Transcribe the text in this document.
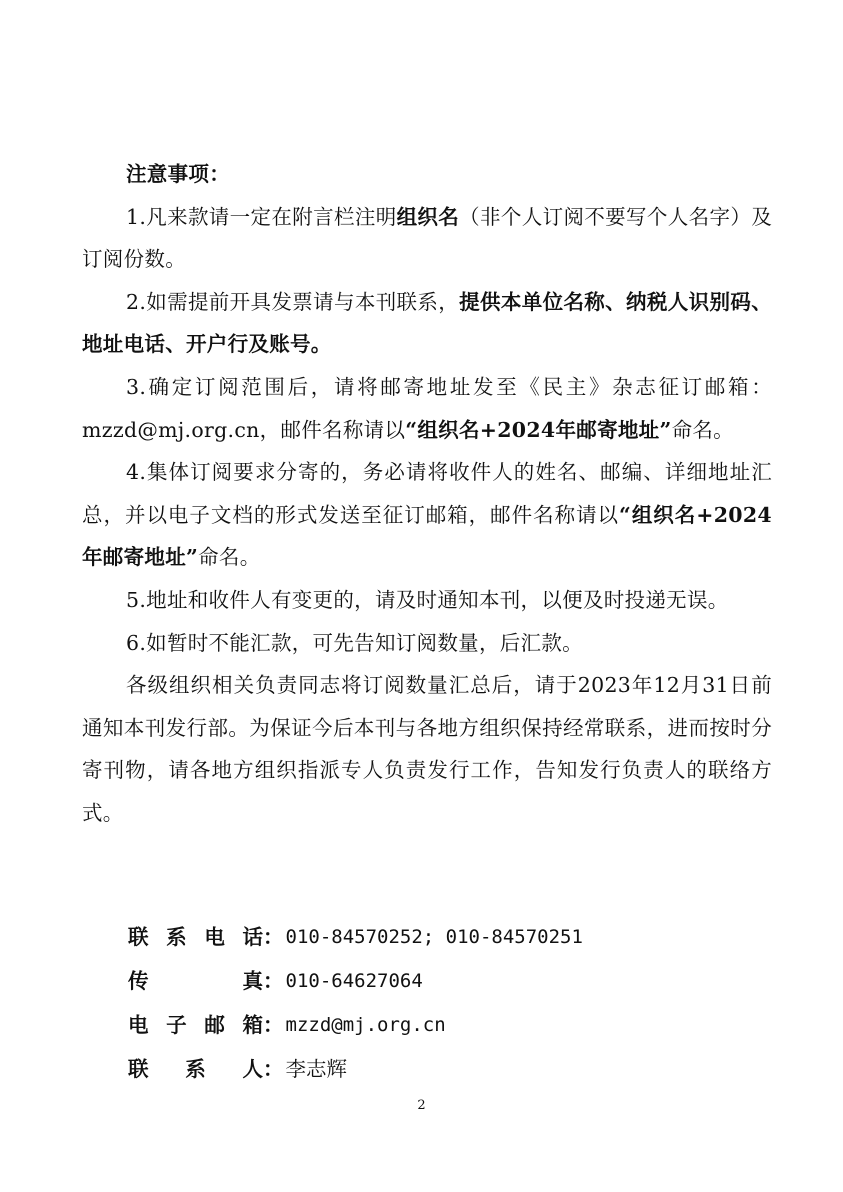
注意事项：

1.凡来款请一定在附言栏注明组织名（非个人订阅不要写个人名字）及订阅份数。

2.如需提前开具发票请与本刊联系，提供本单位名称、纳税人识别码、地址电话、开户行及账号。

3.确定订阅范围后，请将邮寄地址发至《民主》杂志征订邮箱：mzzd@mj.org.cn，邮件名称请以“组织名+2024年邮寄地址”命名。

4.集体订阅要求分寄的，务必请将收件人的姓名、邮编、详细地址汇总，并以电子文档的形式发送至征订邮箱，邮件名称请以“组织名+2024年邮寄地址”命名。

5.地址和收件人有变更的，请及时通知本刊，以便及时投递无误。

6.如暂时不能汇款，可先告知订阅数量，后汇款。

各级组织相关负责同志将订阅数量汇总后，请于2023年12月31日前通知本刊发行部。为保证今后本刊与各地方组织保持经常联系，进而按时分寄刊物，请各地方组织指派专人负责发行工作，告知发行负责人的联络方式。

联 系 电 话 ： 010-84570252; 010-84570251
传	真 ： 010-64627064
电 子 邮 箱 ： mzzd@mj.org.cn
联 系 人 ： 李志辉
2
